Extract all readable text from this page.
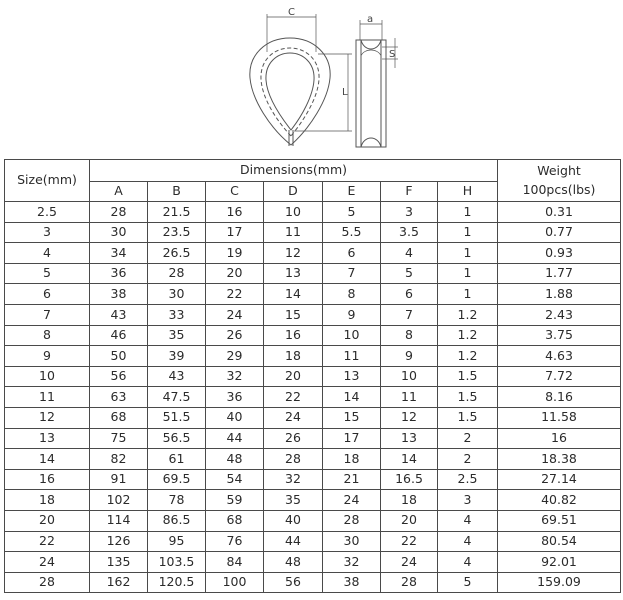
C
L
a
S
Size(mm)	Dimensions(mm)							Weight
100pcs(lbs)
	A	B	C	D	E	F	H	
2.5	28	21.5	16	10	5	3	1	0.31
3	30	23.5	17	11	5.5	3.5	1	0.77
4	34	26.5	19	12	6	4	1	0.93
5	36	28	20	13	7	5	1	1.77
6	38	30	22	14	8	6	1	1.88
7	43	33	24	15	9	7	1.2	2.43
8	46	35	26	16	10	8	1.2	3.75
9	50	39	29	18	11	9	1.2	4.63
10	56	43	32	20	13	10	1.5	7.72
11	63	47.5	36	22	14	11	1.5	8.16
12	68	51.5	40	24	15	12	1.5	11.58
13	75	56.5	44	26	17	13	2	16
14	82	61	48	28	18	14	2	18.38
16	91	69.5	54	32	21	16.5	2.5	27.14
18	102	78	59	35	24	18	3	40.82
20	114	86.5	68	40	28	20	4	69.51
22	126	95	76	44	30	22	4	80.54
24	135	103.5	84	48	32	24	4	92.01
28	162	120.5	100	56	38	28	5	159.09
